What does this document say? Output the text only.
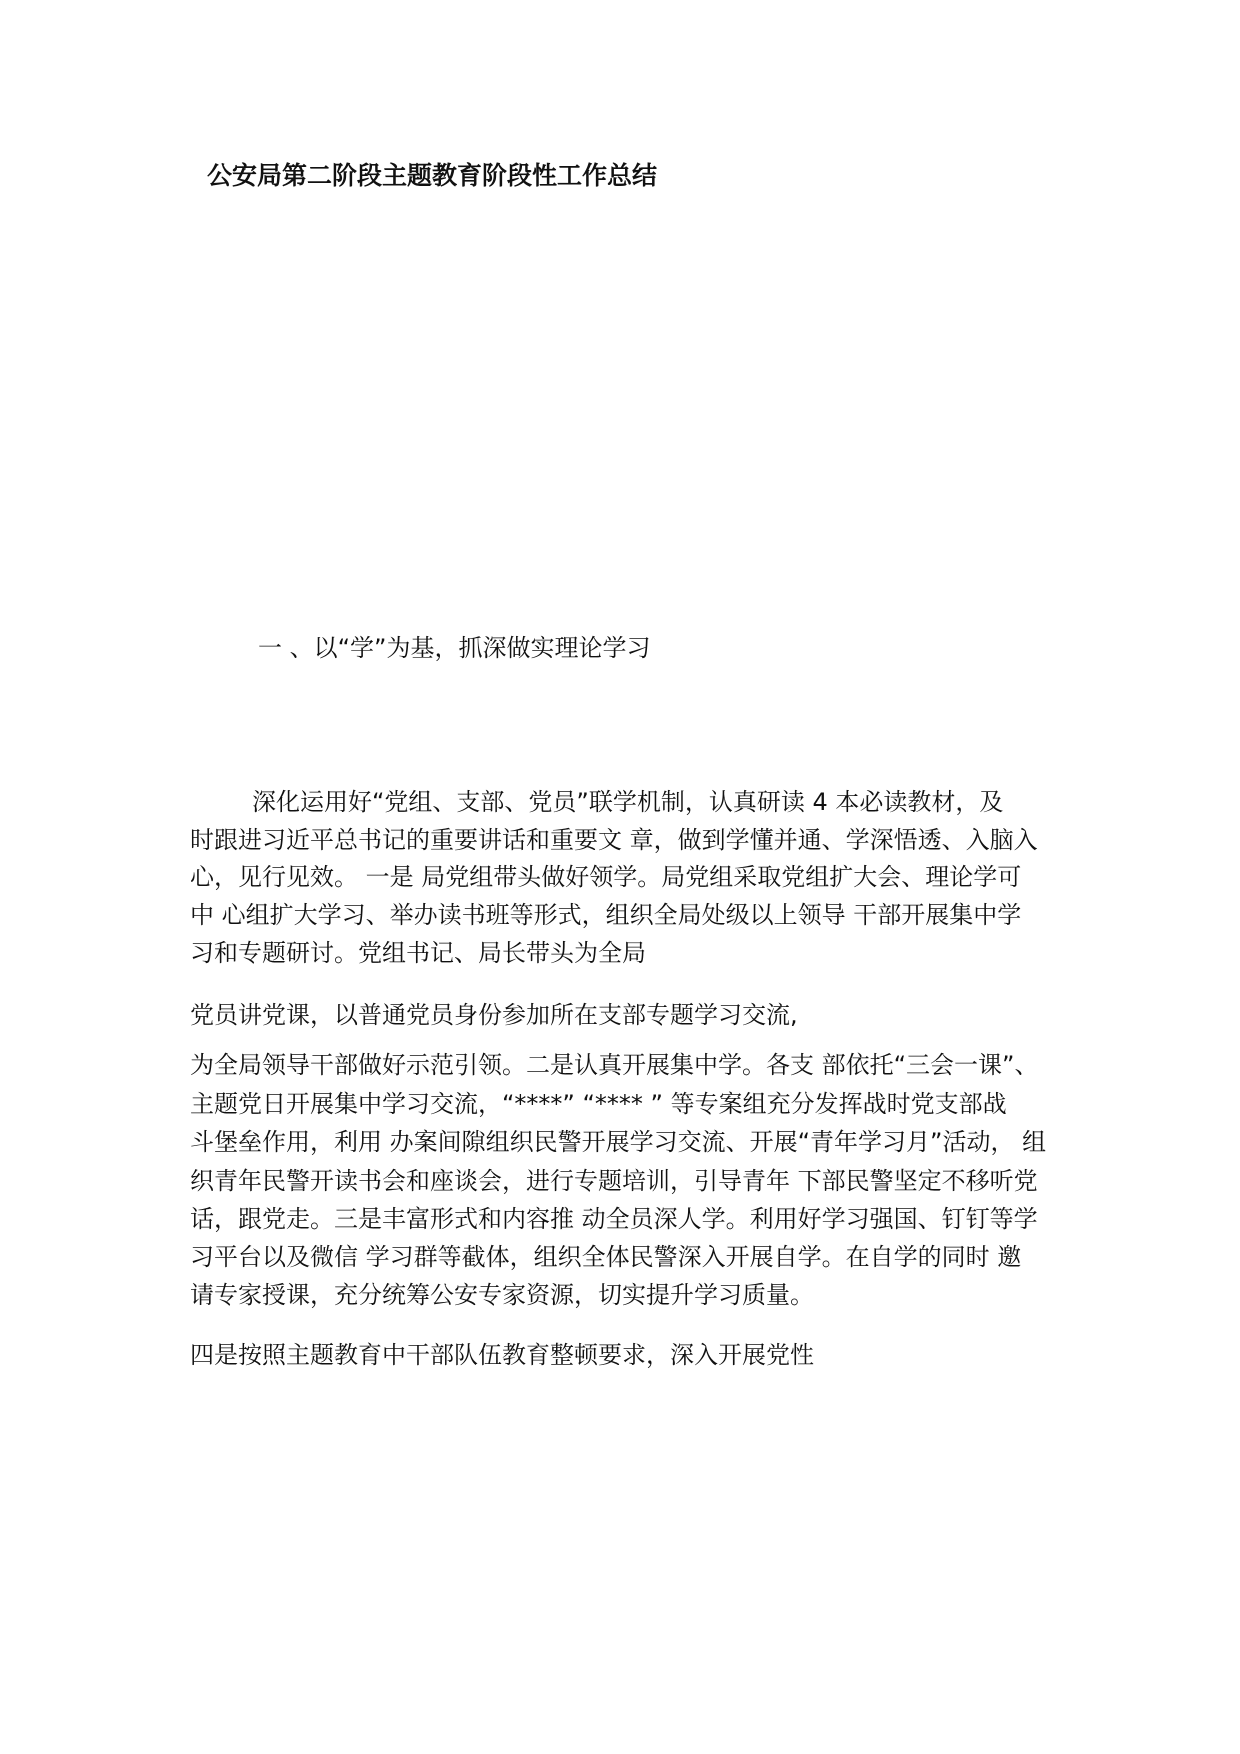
公安局第二阶段主题教育阶段性工作总结
一 、以“学”为基，抓深做实理论学习
深化运用好“党组、支部、党员”联学机制，认真研读 4 本必读教材，及
时跟进习近平总书记的重要讲话和重要文 章，做到学懂并通、学深悟透、入脑入
心，见行见效。 一是 局党组带头做好领学。局党组采取党组扩大会、理论学可
中 心组扩大学习、举办读书班等形式，组织全局处级以上领导 干部开展集中学
习和专题研讨。党组书记、局长带头为全局
党员讲党课，以普通党员身份参加所在支部专题学习交流,
为全局领导干部做好示范引领。二是认真开展集中学。各支 部依托“三会一课”、
主题党日开展集中学习交流，“****” “**** ” 等专案组充分发挥战时党支部战
斗堡垒作用，利用 办案间隙组织民警开展学习交流、开展“青年学习月”活动， 组
织青年民警开读书会和座谈会，进行专题培训，引导青年 下部民警坚定不移听党
话，跟党走。三是丰富形式和内容推 动全员深人学。利用好学习强国、钉钉等学
习平台以及微信 学习群等截体，组织全体民警深入开展自学。在自学的同时 邀
请专家授课，充分统筹公安专家资源，切实提升学习质量。
四是按照主题教育中干部队伍教育整顿要求，深入开展党性
